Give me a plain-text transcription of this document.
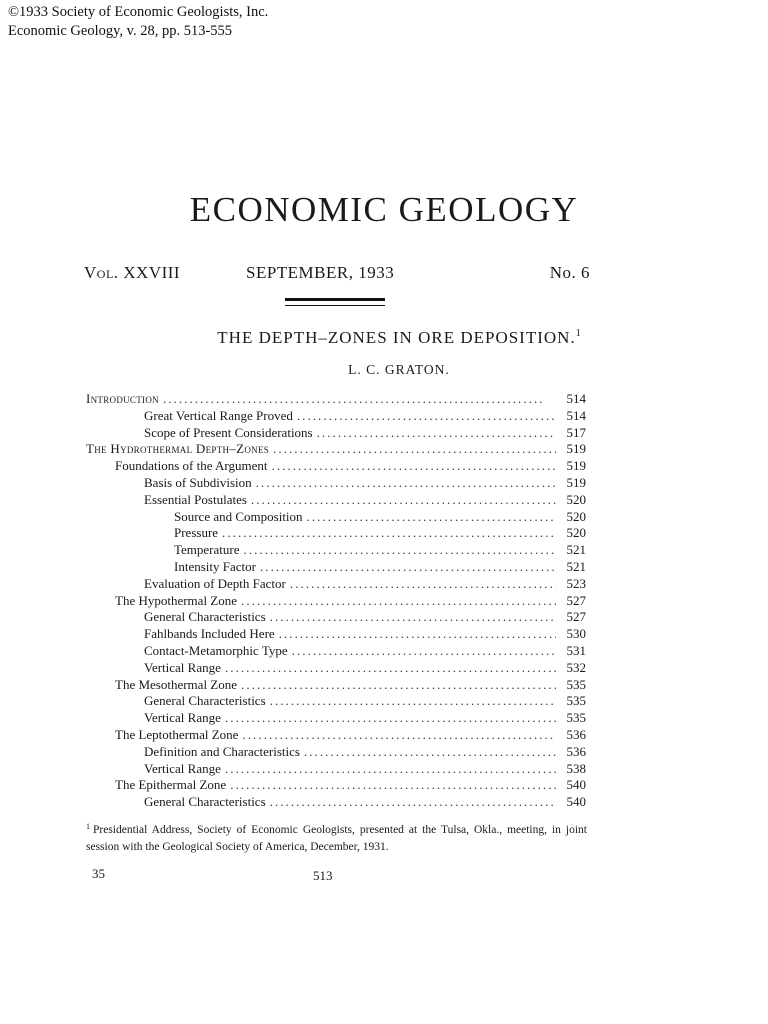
©1933 Society of Economic Geologists, Inc.
Economic Geology, v. 28, pp. 513-555
ECONOMIC GEOLOGY
Vol. XXVIII	SEPTEMBER, 1933	No. 6
THE DEPTH–ZONES IN ORE DEPOSITION.$^1$
L. C. GRATON.
Introduction . . .	514
Great Vertical Range Proved . . .	514
Scope of Present Considerations . . .	517
The Hydrothermal Depth–Zones . . .	519
Foundations of the Argument . . .	519
Basis of Subdivision . . .	519
Essential Postulates . . .	520
Source and Composition . . .	520
Pressure . . .	520
Temperature . . .	521
Intensity Factor . . .	521
Evaluation of Depth Factor . . .	523
The Hypothermal Zone . . .	527
General Characteristics . . .	527
Fahlbands Included Here . . .	530
Contact-Metamorphic Type . . .	531
Vertical Range . . .	532
The Mesothermal Zone . . .	535
General Characteristics . . .	535
Vertical Range . . .	535
The Leptothermal Zone . . .	536
Definition and Characteristics . . .	536
Vertical Range . . .	538
The Epithermal Zone . . .	540
General Characteristics . . .	540
$^1$ Presidential Address, Society of Economic Geologists, presented at the Tulsa, Okla., meeting, in joint session with the Geological Society of America, December, 1931.
35	513
